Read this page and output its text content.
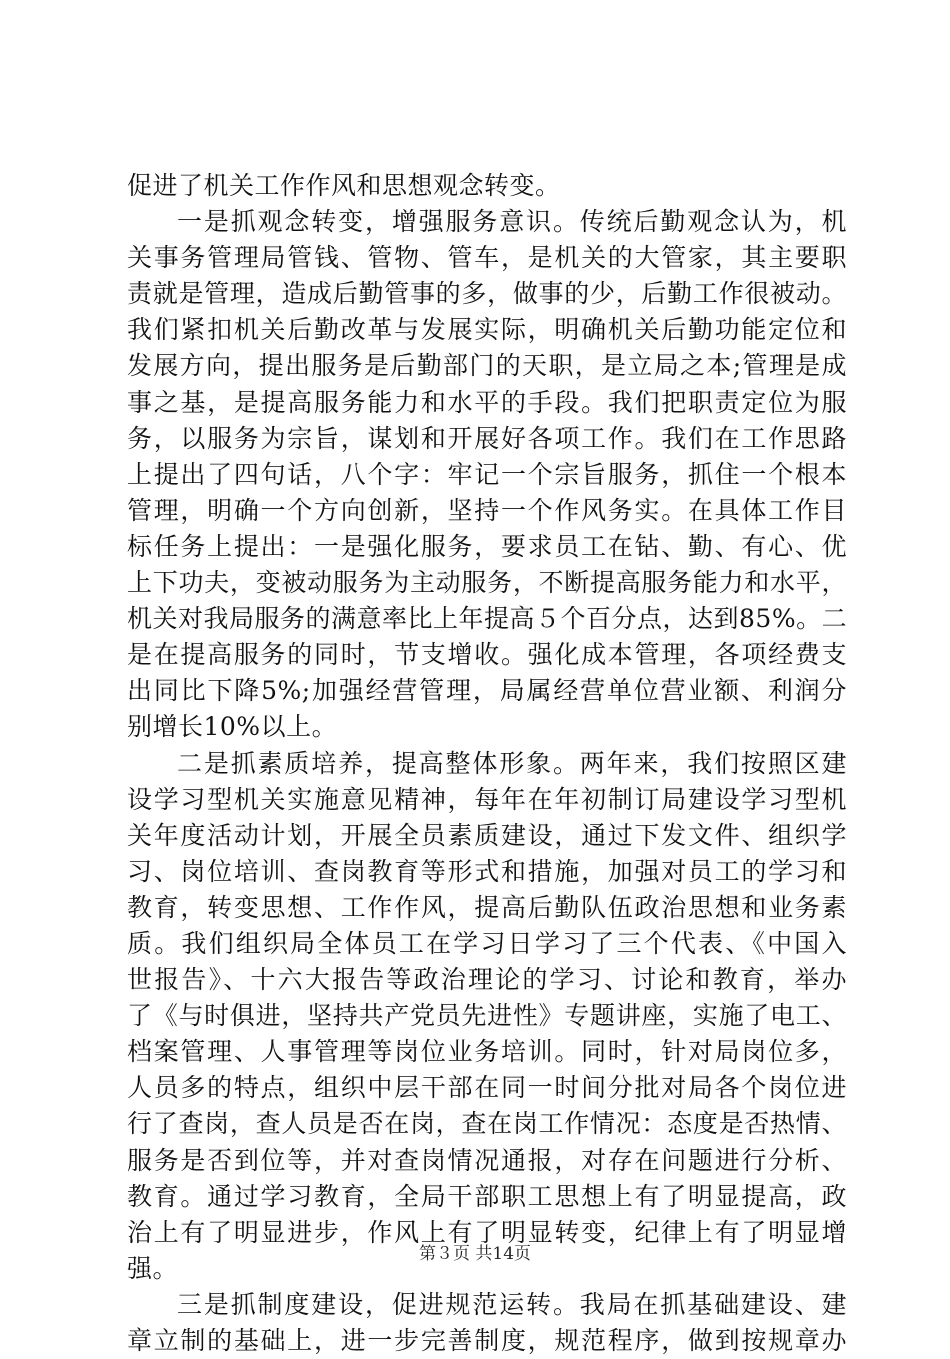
促进了机关工作作风和思想观念转变。
一是抓观念转变，增强服务意识。传统后勤观念认为，机
关事务管理局管钱、管物、管车，是机关的大管家，其主要职
责就是管理，造成后勤管事的多，做事的少，后勤工作很被动。
我们紧扣机关后勤改革与发展实际，明确机关后勤功能定位和
发展方向，提出服务是后勤部门的天职，是立局之本;管理是成
事之基，是提高服务能力和水平的手段。我们把职责定位为服
务，以服务为宗旨，谋划和开展好各项工作。我们在工作思路
上提出了四句话，八个字：牢记一个宗旨服务，抓住一个根本
管理，明确一个方向创新，坚持一个作风务实。在具体工作目
标任务上提出：一是强化服务，要求员工在钻、勤、有心、优
上下功夫，变被动服务为主动服务，不断提高服务能力和水平，
机关对我局服务的满意率比上年提高５个百分点，达到85%。二
是在提高服务的同时，节支增收。强化成本管理，各项经费支
出同比下降5%;加强经营管理，局属经营单位营业额、利润分
别增长10%以上。
二是抓素质培养，提高整体形象。两年来，我们按照区建
设学习型机关实施意见精神，每年在年初制订局建设学习型机
关年度活动计划，开展全员素质建设，通过下发文件、组织学
习、岗位培训、查岗教育等形式和措施，加强对员工的学习和
教育，转变思想、工作作风，提高后勤队伍政治思想和业务素
质。我们组织局全体员工在学习日学习了三个代表、《中国入
世报告》、十六大报告等政治理论的学习、讨论和教育，举办
了《与时俱进，坚持共产党员先进性》专题讲座，实施了电工、
档案管理、人事管理等岗位业务培训。同时，针对局岗位多，
人员多的特点，组织中层干部在同一时间分批对局各个岗位进
行了查岗，查人员是否在岗，查在岗工作情况：态度是否热情、
服务是否到位等，并对查岗情况通报，对存在问题进行分析、
教育。通过学习教育，全局干部职工思想上有了明显提高，政
治上有了明显进步，作风上有了明显转变，纪律上有了明显增
强。
三是抓制度建设，促进规范运转。我局在抓基础建设、建
章立制的基础上，进一步完善制度，规范程序，做到按规章办
第３页 共14页
